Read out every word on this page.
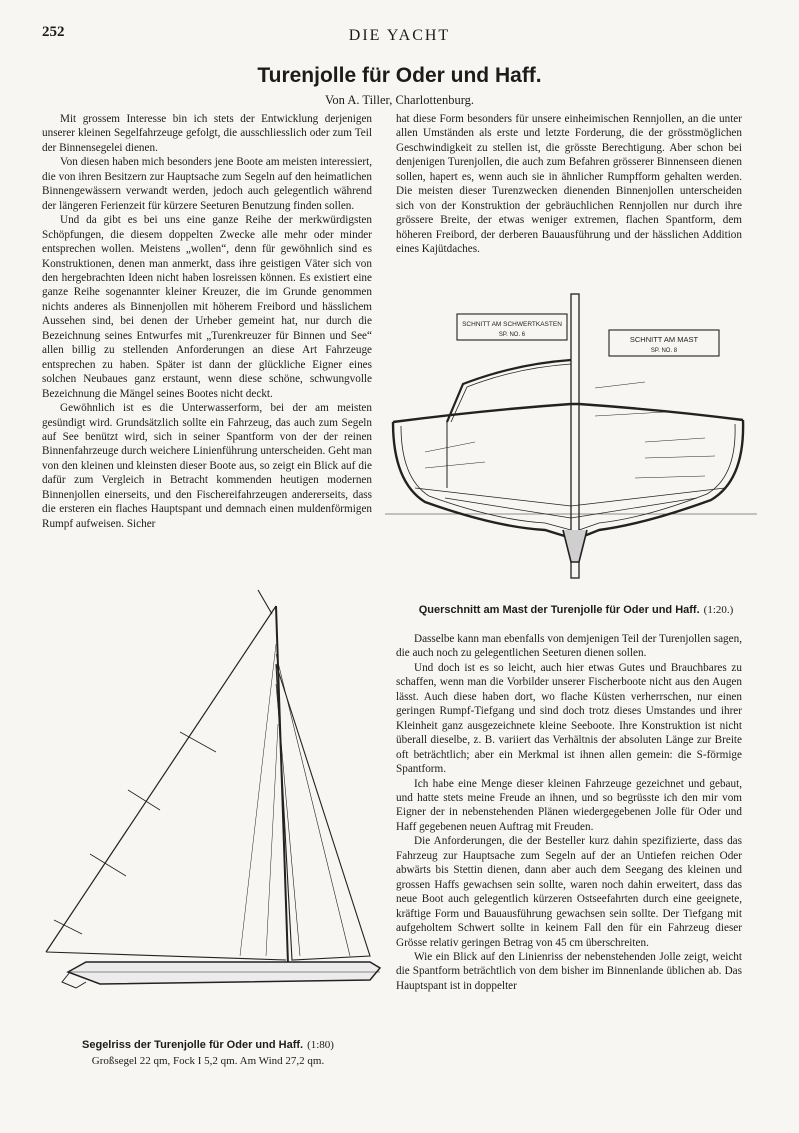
252	DIE YACHT
Turenjolle für Oder und Haff.
Von A. Tiller, Charlottenburg.

Mit grossem Interesse bin ich stets der Entwicklung derjenigen unserer kleinen Segelfahrzeuge gefolgt, die ausschliesslich oder zum Teil der Binnensegelei dienen.

Von diesen haben mich besonders jene Boote am meisten interessiert, die von ihren Besitzern zur Hauptsache zum Segeln auf den heimatlichen Binnengewässern verwandt werden, jedoch auch gelegentlich während der längeren Ferienzeit für kürzere Seeturen Benutzung finden sollen.

Und da gibt es bei uns eine ganze Reihe der merkwürdigsten Schöpfungen, die diesem doppelten Zwecke alle mehr oder minder entsprechen wollen. Meistens „wollen“, denn für gewöhnlich sind es Konstruktionen, denen man anmerkt, dass ihre geistigen Väter sich von den hergebrachten Ideen nicht haben losreissen können. Es existiert eine ganze Reihe sogenannter kleiner Kreuzer, die im Grunde genommen nichts anderes als Binnenjollen mit höherem Freibord und hässlichem Aussehen sind, bei denen der Urheber gemeint hat, nur durch die Bezeichnung seines Entwurfes mit „Turenkreuzer für Binnen und See“ allen billig zu stellenden Anforderungen an diese Art Fahrzeuge entsprechen zu haben. Später ist dann der glückliche Eigner eines solchen Neubaues ganz erstaunt, wenn diese schöne, schwungvolle Bezeichnung die Mängel seines Bootes nicht deckt.

Gewöhnlich ist es die Unterwasserform, bei der am meisten gesündigt wird. Grundsätzlich sollte ein Fahrzeug, das auch zum Segeln auf See benützt wird, sich in seiner Spantform von der der reinen Binnenfahrzeuge durch weichere Linienführung unterscheiden. Geht man von den kleinen und kleinsten dieser Boote aus, so zeigt ein Blick auf die dafür zum Vergleich in Betracht kommenden heutigen modernen Binnenjollen einerseits, und den Fischereifahrzeugen andererseits, dass die ersteren ein flaches Hauptspant und demnach einen muldenförmigen Rumpf aufweisen. Sicher

hat diese Form besonders für unsere einheimischen Rennjollen, an die unter allen Umständen als erste und letzte Forderung, die der grösstmöglichen Geschwindigkeit zu stellen ist, die grösste Berechtigung. Aber schon bei denjenigen Turenjollen, die auch zum Befahren grösserer Binnenseen dienen sollen, hapert es, wenn auch sie in ähnlicher Rumpfform gehalten werden. Die meisten dieser Turenzwecken dienenden Binnenjollen unterscheiden sich von der Konstruktion der gebräuchlichen Rennjollen nur durch ihre grössere Breite, der etwas weniger extremen, flachen Spantform, dem höheren Freibord, der derberen Bauausführung und der hässlichen Addition eines Kajütdaches.

SCHNITT AM SCHWERTKASTEN
SP. NO. 6	SCHNITT AM MAST
SP. NO. 8
Querschnitt am Mast der Turenjolle für Oder und Haff. (1:20.)

Dasselbe kann man ebenfalls von demjenigen Teil der Turenjollen sagen, die auch noch zu gelegentlichen Seeturen dienen sollen.

Und doch ist es so leicht, auch hier etwas Gutes und Brauchbares zu schaffen, wenn man die Vorbilder unserer Fischerboote nicht aus den Augen lässt. Auch diese haben dort, wo flache Küsten verherrschen, nur einen geringen Rumpf-Tiefgang und sind doch trotz dieses Umstandes und ihrer Kleinheit ganz ausgezeichnete kleine Seeboote. Ihre Konstruktion ist nicht überall dieselbe, z. B. variiert das Verhältnis der absoluten Länge zur Breite oft beträchtlich; aber ein Merkmal ist ihnen allen gemein: die S-förmige Spantform.

Ich habe eine Menge dieser kleinen Fahrzeuge gezeichnet und gebaut, und hatte stets meine Freude an ihnen, und so begrüsste ich den mir vom Eigner der in nebenstehenden Plänen wiedergegebenen Jolle für Oder und Haff gegebenen neuen Auftrag mit Freuden.

Die Anforderungen, die der Besteller kurz dahin spezifizierte, dass das Fahrzeug zur Hauptsache zum Segeln auf der an Untiefen reichen Oder abwärts bis Stettin dienen, dann aber auch dem Seegang des kleinen und grossen Haffs gewachsen sein sollte, waren noch dahin erweitert, dass das neue Boot auch gelegentlich kürzeren Ostseefahrten durch eine geeignete, kräftige Form und Bauausführung gewachsen sein sollte. Der Tiefgang mit aufgeholtem Schwert sollte in keinem Fall den für ein Fahrzeug dieser Grösse relativ geringen Betrag von 45 cm überschreiten.

Wie ein Blick auf den Linienriss der nebenstehenden Jolle zeigt, weicht die Spantform beträchtlich von dem bisher im Binnenlande üblichen ab. Das Hauptspant ist in doppelter

Segelriss der Turenjolle für Oder und Haff. (1:80)
Großsegel 22 qm, Fock I 5,2 qm. Am Wind 27,2 qm.
